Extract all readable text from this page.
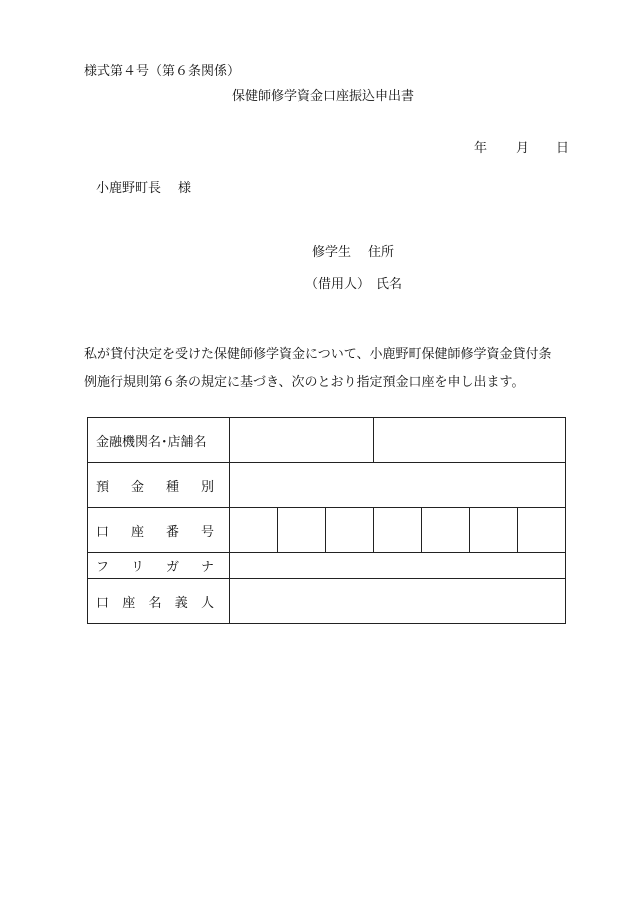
様式第４号（第６条関係）
保健師修学資金口座振込申出書
年 月 日
小鹿野町長 様
修学生 住所
（借用人） 氏名
私が貸付決定を受けた保健師修学資金について、小鹿野町保健師修学資金貸付条
例施行規則第６条の規定に基づき、次のとおり指定預金口座を申し出ます。
金融機関名･店舗名							

預 金 種 別							

口 座 番 号							

フ リ ガ ナ							

口 座 名 義 人							
